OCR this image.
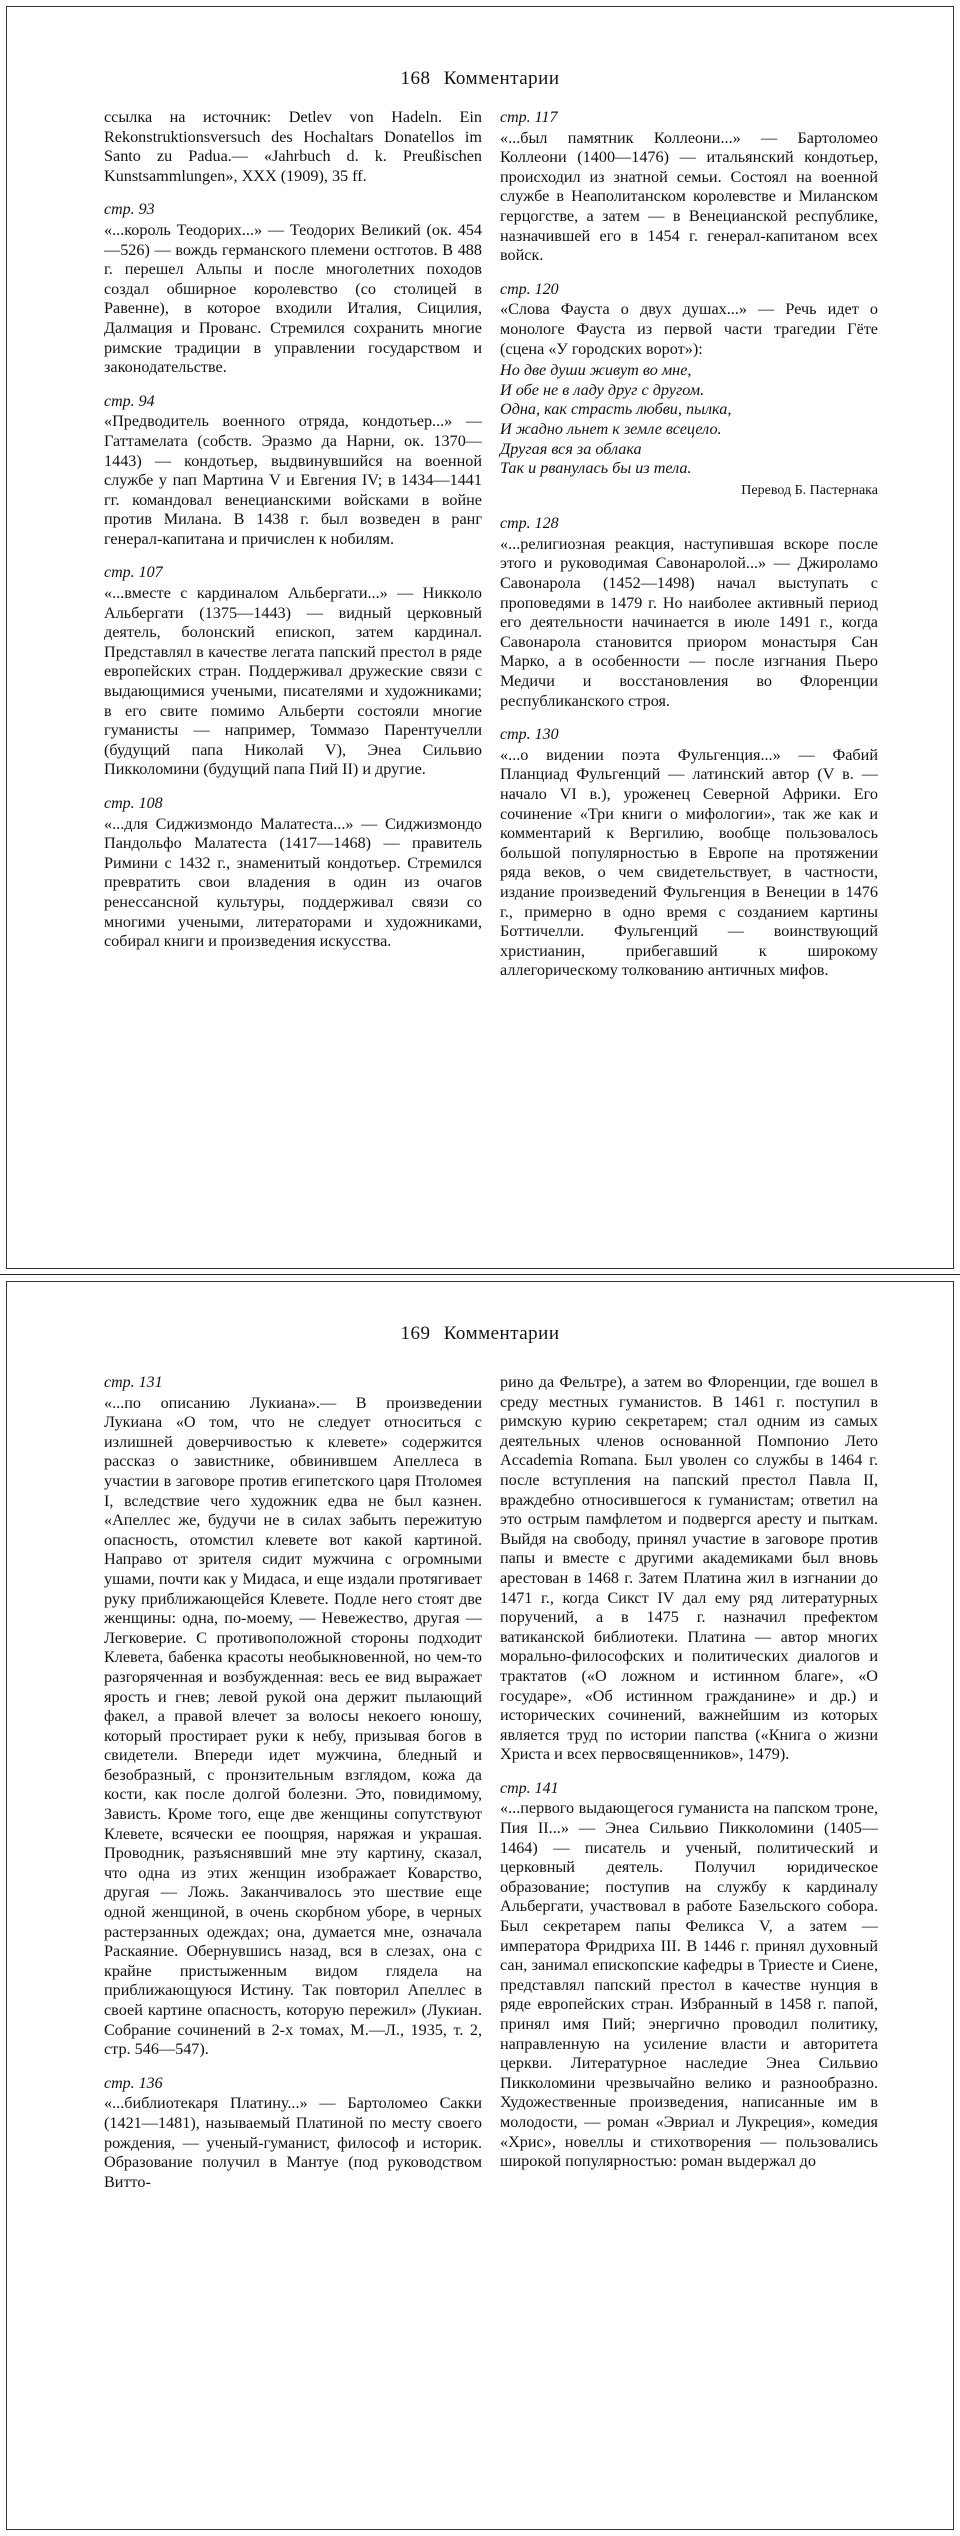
168 Комментарии
ссылка на источник: Detlev von Hadeln. Ein Rekonstruktionsversuch des Hochaltars Donatellos im Santo zu Padua.— «Jahrbuch d. k. Preußischen Kunstsammlungen», XXX (1909), 35 ff.
стр. 93
«...король Теодорих...» — Теодорих Великий (ок. 454—526) — вождь германского племени остготов. В 488 г. перешел Альпы и после многолетних походов создал обширное королевство (со столицей в Равенне), в которое входили Италия, Сицилия, Далмация и Прованс. Стремился сохранить многие римские традиции в управлении государством и законодательстве.
стр. 94
«Предводитель военного отряда, кондотьер...» — Гаттамелата (собств. Эразмо да Нарни, ок. 1370—1443) — кондотьер, выдвинувшийся на военной службе у пап Мартина V и Евгения IV; в 1434—1441 гг. командовал венецианскими войсками в войне против Милана. В 1438 г. был возведен в ранг генерал-капитана и причислен к нобилям.
стр. 107
«...вместе с кардиналом Альбергати...» — Никколо Альбергати (1375—1443) — видный церковный деятель, болонский епископ, затем кардинал. Представлял в качестве легата папский престол в ряде европейских стран. Поддерживал дружеские связи с выдающимися учеными, писателями и художниками; в его свите помимо Альберти состояли многие гуманисты — например, Томмазо Парентучелли (будущий папа Николай V), Энеа Сильвио Пикколомини (будущий папа Пий II) и другие.
стр. 108
«...для Сиджизмондо Малатеста...» — Сиджизмондо Пандольфо Малатеста (1417—1468) — правитель Римини с 1432 г., знаменитый кондотьер. Стремился превратить свои владения в один из очагов ренессансной культуры, поддерживал связи со многими учеными, литераторами и художниками, собирал книги и произведения искусства.
стр. 117
«...был памятник Коллеони...» — Бартоломео Коллеони (1400—1476) — итальянский кондотьер, происходил из знатной семьи. Состоял на военной службе в Неаполитанском королевстве и Миланском герцогстве, а затем — в Венецианской республике, назначившей его в 1454 г. генерал-капитаном всех войск.
стр. 120
«Слова Фауста о двух душах...» — Речь идет о монологе Фауста из первой части трагедии Гёте (сцена «У городских ворот»):
Но две души живут во мне,
И обе не в ладу друг с другом.
Одна, как страсть любви, пылка,
И жадно льнет к земле всецело.
Другая вся за облака
Так и рванулась бы из тела.
Перевод Б. Пастернака
стр. 128
«...религиозная реакция, наступившая вскоре после этого и руководимая Савонаролой...» — Джироламо Савонарола (1452—1498) начал выступать с проповедями в 1479 г. Но наиболее активный период его деятельности начинается в июле 1491 г., когда Савонарола становится приором монастыря Сан Марко, а в особенности — после изгнания Пьеро Медичи и восстановления во Флоренции республиканского строя.
стр. 130
«...о видении поэта Фульгенция...» — Фабий Планциад Фульгенций — латинский автор (V в. — начало VI в.), уроженец Северной Африки. Его сочинение «Три книги о мифологии», так же как и комментарий к Вергилию, вообще пользовалось большой популярностью в Европе на протяжении ряда веков, о чем свидетельствует, в частности, издание произведений Фульгенция в Венеции в 1476 г., примерно в одно время с созданием картины Боттичелли. Фульгенций — воинствующий христианин, прибегавший к широкому аллегорическому толкованию античных мифов.
169 Комментарии
стр. 131
«...по описанию Лукиана».— В произведении Лукиана «О том, что не следует относиться с излишней доверчивостью к клевете» содержится рассказ о завистнике, обвинившем Апеллеса в участии в заговоре против египетского царя Птоломея I, вследствие чего художник едва не был казнен. «Апеллес же, будучи не в силах забыть пережитую опасность, отомстил клевете вот какой картиной. Направо от зрителя сидит мужчина с огромными ушами, почти как у Мидаса, и еще издали протягивает руку приближающейся Клевете. Подле него стоят две женщины: одна, по-моему, — Невежество, другая — Легковерие. С противоположной стороны подходит Клевета, бабенка красоты необыкновенной, но чем-то разгоряченная и возбужденная: весь ее вид выражает ярость и гнев; левой рукой она держит пылающий факел, а правой влечет за волосы некоего юношу, который простирает руки к небу, призывая богов в свидетели. Впереди идет мужчина, бледный и безобразный, с пронзительным взглядом, кожа да кости, как после долгой болезни. Это, повидимому, Зависть. Кроме того, еще две женщины сопутствуют Клевете, всячески ее поощряя, наряжая и украшая. Проводник, разъяснявший мне эту картину, сказал, что одна из этих женщин изображает Коварство, другая — Ложь. Заканчивалось это шествие еще одной женщиной, в очень скорбном уборе, в черных растерзанных одеждах; она, думается мне, означала Раскаяние. Обернувшись назад, вся в слезах, она с крайне пристыженным видом глядела на приближающуюся Истину. Так повторил Апеллес в своей картине опасность, которую пережил» (Лукиан. Собрание сочинений в 2-х томах, М.—Л., 1935, т. 2, стр. 546—547).
стр. 136
«...библиотекаря Платину...» — Бартоломео Сакки (1421—1481), называемый Платиной по месту своего рождения, — ученый-гуманист, философ и историк. Образование получил в Мантуе (под руководством Витто-
рино да Фельтре), а затем во Флоренции, где вошел в среду местных гуманистов. В 1461 г. поступил в римскую курию секретарем; стал одним из самых деятельных членов основанной Помпонио Лето Accademia Romana. Был уволен со службы в 1464 г. после вступления на папский престол Павла II, враждебно относившегося к гуманистам; ответил на это острым памфлетом и подвергся аресту и пыткам. Выйдя на свободу, принял участие в заговоре против папы и вместе с другими академиками был вновь арестован в 1468 г. Затем Платина жил в изгнании до 1471 г., когда Сикст IV дал ему ряд литературных поручений, а в 1475 г. назначил префектом ватиканской библиотеки. Платина — автор многих морально-философских и политических диалогов и трактатов («О ложном и истинном благе», «О государе», «Об истинном гражданине» и др.) и исторических сочинений, важнейшим из которых является труд по истории папства («Книга о жизни Христа и всех первосвященников», 1479).
стр. 141
«...первого выдающегося гуманиста на папском троне, Пия II...» — Энеа Сильвио Пикколомини (1405—1464) — писатель и ученый, политический и церковный деятель. Получил юридическое образование; поступив на службу к кардиналу Альбергати, участвовал в работе Базельского собора. Был секретарем папы Феликса V, а затем — императора Фридриха III. В 1446 г. принял духовный сан, занимал епископские кафедры в Триесте и Сиене, представлял папский престол в качестве нунция в ряде европейских стран. Избранный в 1458 г. папой, принял имя Пий; энергично проводил политику, направленную на усиление власти и авторитета церкви. Литературное наследие Энеа Сильвио Пикколомини чрезвычайно велико и разнообразно. Художественные произведения, написанные им в молодости, — роман «Эвриал и Лукреция», комедия «Хрис», новеллы и стихотворения — пользовались широкой популярностью: роман выдержал до
